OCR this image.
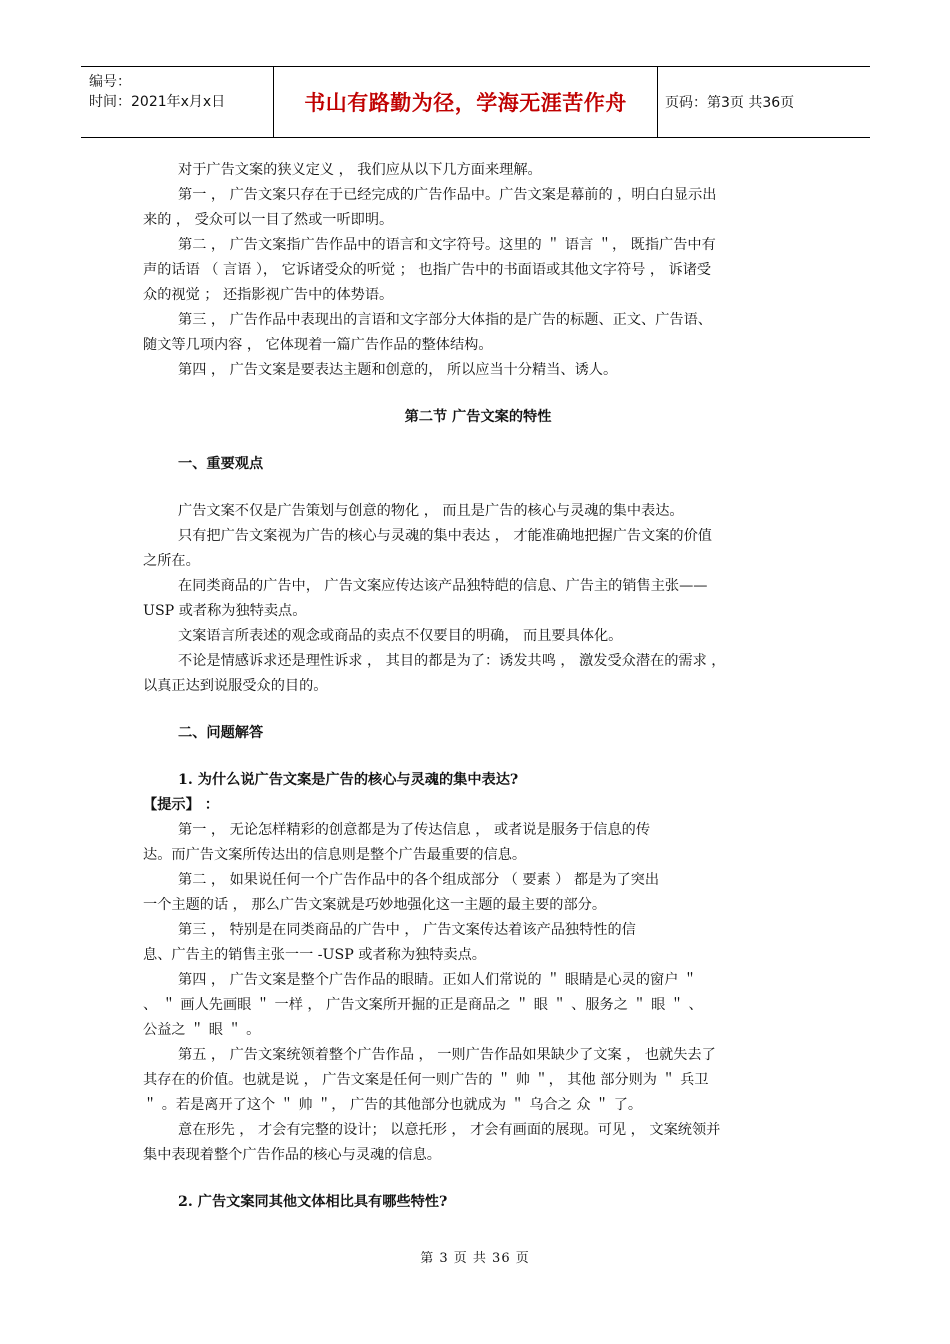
编号：
时间：2021年x月x日	书山有路勤为径，学海无涯苦作舟	页码：第3页 共36页
对于广告文案的狭义定义 ， 我们应从以下几方面来理解。
第一 ， 广告文案只存在于已经完成的广告作品中。广告文案是幕前的 ，明白白显示出
来的 ， 受众可以一目了然或一听即明。
第二 ， 广告文案指广告作品中的语言和文字符号。这里的 ＂ 语言 ＂， 既指广告中有
声的话语 （ 言语 ）， 它诉诸受众的听觉 ； 也指广告中的书面语或其他文字符号 ， 诉诸受
众的视觉 ； 还指影视广告中的体势语。
第三 ， 广告作品中表现出的言语和文字部分大体指的是广告的标题、正文、广告语、
随文等几项内容 ， 它体现着一篇广告作品的整体结构。
第四 ， 广告文案是要表达主题和创意的， 所以应当十分精当、诱人。
第二节 广告文案的特性
一、重要观点
广告文案不仅是广告策划与创意的物化 ， 而且是广告的核心与灵魂的集中表达。
只有把广告文案视为广告的核心与灵魂的集中表达 ， 才能准确地把握广告文案的价值
之所在。
在同类商品的广告中， 广告文案应传达该产品独特皑的信息、广告主的销售主张——
USP 或者称为独特卖点。
文案语言所表述的观念或商品的卖点不仅要目的明确， 而且要具体化。
不论是情感诉求还是理性诉求 ， 其目的都是为了：诱发共鸣 ， 激发受众潜在的需求 ，
以真正达到说服受众的目的。
二、问题解答
1. 为什么说广告文案是广告的核心与灵魂的集中表达?
【提示】 ：
第一 ， 无论怎样精彩的创意都是为了传达信息 ， 或者说是服务于信息的传
达。而广告文案所传达出的信息则是整个广告最重要的信息。
第二 ， 如果说任何一个广告作品中的各个组成部分 （ 要素 ） 都是为了突出
一个主题的话 ， 那么广告文案就是巧妙地强化这一主题的最主要的部分。
第三 ， 特别是在同类商品的广告中 ， 广告文案传达着该产品独特性的信
息、广告主的销售主张一一 -USP 或者称为独特卖点。
第四 ， 广告文案是整个广告作品的眼睛。正如人们常说的 ＂ 眼睛是心灵的窗户 ＂
、 ＂ 画人先画眼 ＂ 一样 ， 广告文案所开掘的正是商品之 ＂ 眼 ＂ 、服务之 ＂ 眼 ＂ 、
公益之 ＂ 眼 ＂ 。
第五 ， 广告文案统领着整个广告作品 ， 一则广告作品如果缺少了文案 ， 也就失去了
其存在的价值。也就是说 ， 广告文案是任何一则广告的 ＂ 帅 ＂， 其他 部分则为 ＂ 兵卫
＂ 。若是离开了这个 ＂ 帅 ＂， 广告的其他部分也就成为 ＂ 乌合之 众 ＂ 了。
意在形先 ， 才会有完整的设计； 以意托形 ， 才会有画面的展现。可见 ， 文案统领并
集中表现着整个广告作品的核心与灵魂的信息。
2. 广告文案同其他文体相比具有哪些特性?
第 3 页 共 36 页
